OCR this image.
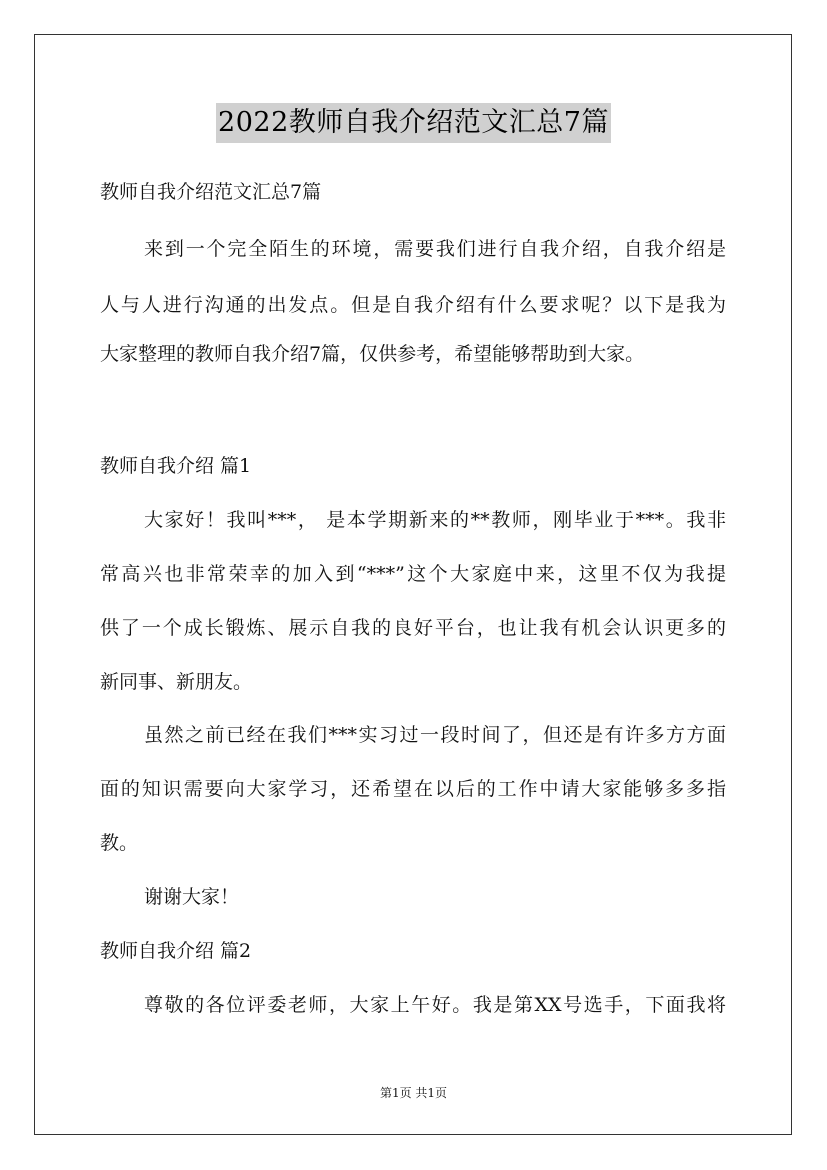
2022教师自我介绍范文汇总7篇
教师自我介绍范文汇总7篇
来到一个完全陌生的环境，需要我们进行自我介绍，自我介绍是
人与人进行沟通的出发点。但是自我介绍有什么要求呢？以下是我为
大家整理的教师自我介绍7篇，仅供参考，希望能够帮助到大家。
教师自我介绍 篇1
大家好！我叫***， 是本学期新来的**教师，刚毕业于***。我非
常高兴也非常荣幸的加入到“***”这个大家庭中来，这里不仅为我提
供了一个成长锻炼、展示自我的良好平台，也让我有机会认识更多的
新同事、新朋友。
虽然之前已经在我们***实习过一段时间了，但还是有许多方方面
面的知识需要向大家学习，还希望在以后的工作中请大家能够多多指
教。
谢谢大家！
教师自我介绍 篇2
尊敬的各位评委老师，大家上午好。我是第XX号选手，下面我将
第1页 共1页
